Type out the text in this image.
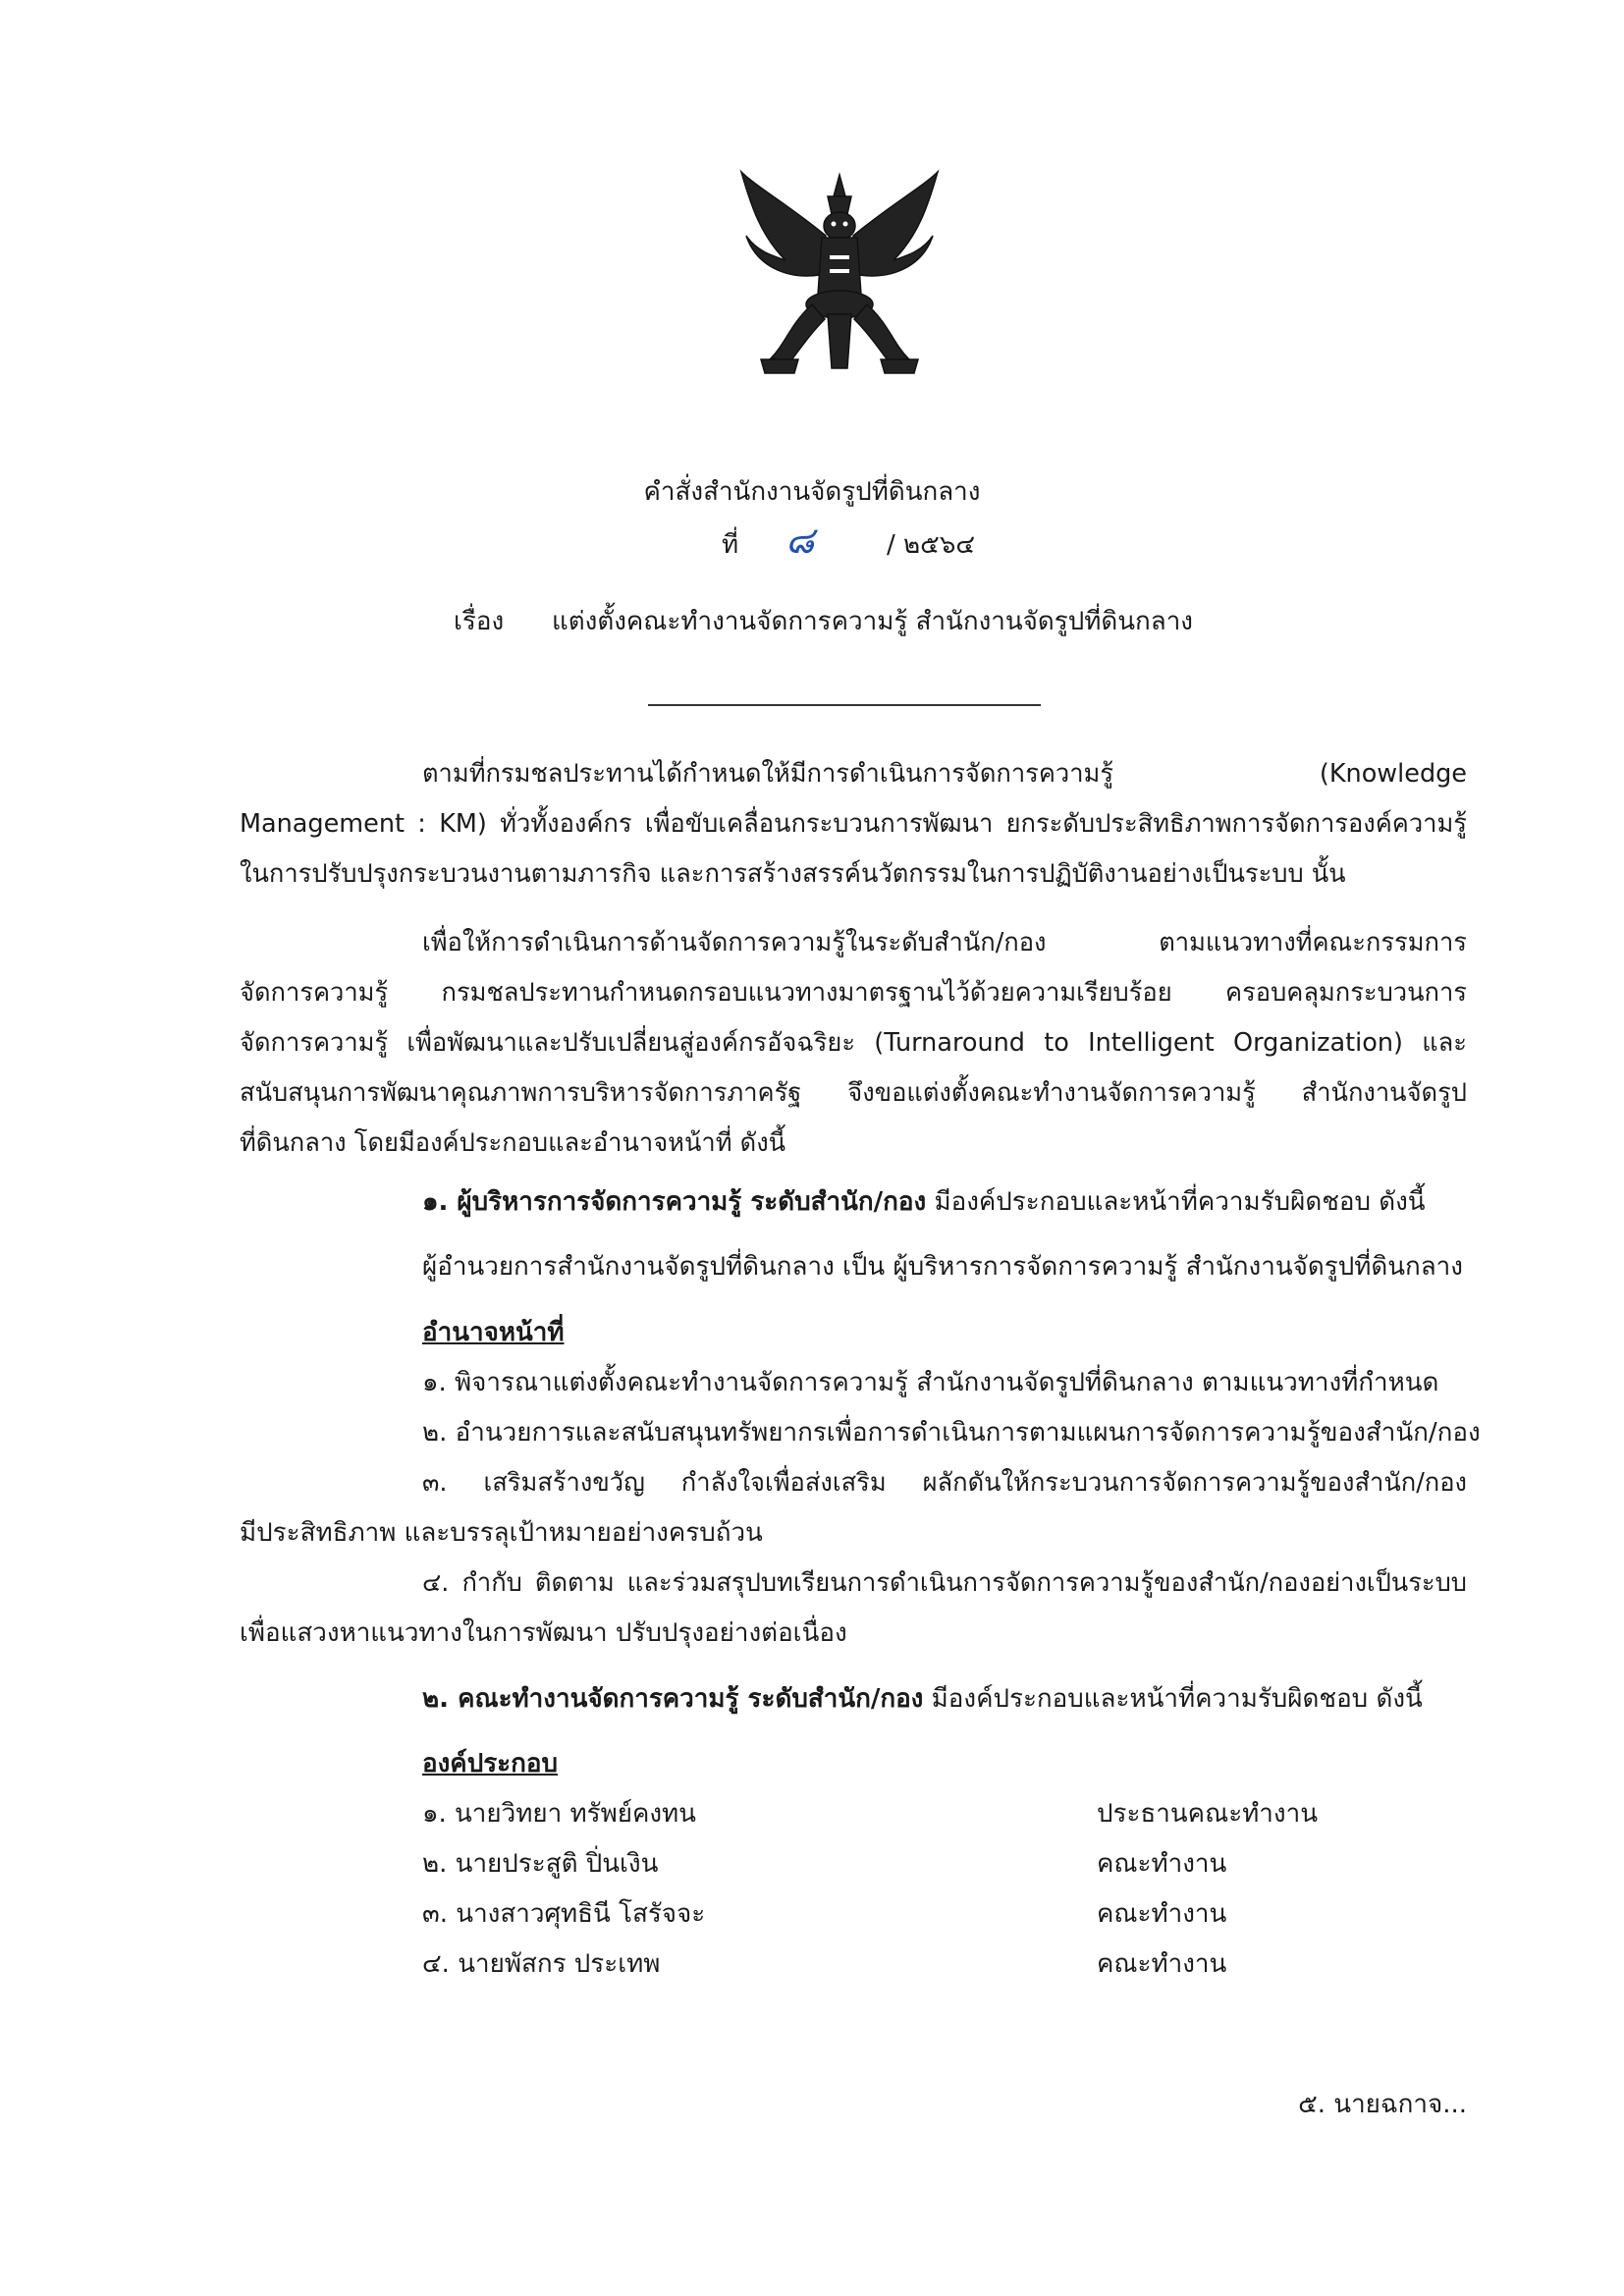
คำสั่งสำนักงานจัดรูปที่ดินกลาง
ที่ ๘	/ ๒๕๖๔
เรื่อง แต่งตั้งคณะทำงานจัดการความรู้ สำนักงานจัดรูปที่ดินกลาง
ตามที่กรมชลประทานได้กำหนดให้มีการดำเนินการจัดการความรู้ (Knowledge
Management : KM) ทั่วทั้งองค์กร เพื่อขับเคลื่อนกระบวนการพัฒนา ยกระดับประสิทธิภาพการจัดการองค์ความรู้
ในการปรับปรุงกระบวนงานตามภารกิจ และการสร้างสรรค์นวัตกรรมในการปฏิบัติงานอย่างเป็นระบบ นั้น
เพื่อให้การดำเนินการด้านจัดการความรู้ในระดับสำนัก/กอง ตามแนวทางที่คณะกรรมการ
จัดการความรู้ กรมชลประทานกำหนดกรอบแนวทางมาตรฐานไว้ด้วยความเรียบร้อย ครอบคลุมกระบวนการ
จัดการความรู้ เพื่อพัฒนาและปรับเปลี่ยนสู่องค์กรอัจฉริยะ (Turnaround to Intelligent Organization) และ
สนับสนุนการพัฒนาคุณภาพการบริหารจัดการภาครัฐ จึงขอแต่งตั้งคณะทำงานจัดการความรู้ สำนักงานจัดรูป
ที่ดินกลาง โดยมีองค์ประกอบและอำนาจหน้าที่ ดังนี้
๑. ผู้บริหารการจัดการความรู้ ระดับสำนัก/กอง มีองค์ประกอบและหน้าที่ความรับผิดชอบ ดังนี้
ผู้อำนวยการสำนักงานจัดรูปที่ดินกลาง เป็น ผู้บริหารการจัดการความรู้ สำนักงานจัดรูปที่ดินกลาง
อำนาจหน้าที่
๑. พิจารณาแต่งตั้งคณะทำงานจัดการความรู้ สำนักงานจัดรูปที่ดินกลาง ตามแนวทางที่กำหนด
๒. อำนวยการและสนับสนุนทรัพยากรเพื่อการดำเนินการตามแผนการจัดการความรู้ของสำนัก/กอง
๓. เสริมสร้างขวัญ กำลังใจเพื่อส่งเสริม ผลักดันให้กระบวนการจัดการความรู้ของสำนัก/กอง
มีประสิทธิภาพ และบรรลุเป้าหมายอย่างครบถ้วน
๔. กำกับ ติดตาม และร่วมสรุปบทเรียนการดำเนินการจัดการความรู้ของสำนัก/กองอย่างเป็นระบบ
เพื่อแสวงหาแนวทางในการพัฒนา ปรับปรุงอย่างต่อเนื่อง
๒. คณะทำงานจัดการความรู้ ระดับสำนัก/กอง มีองค์ประกอบและหน้าที่ความรับผิดชอบ ดังนี้
องค์ประกอบ
๑. นายวิทยา ทรัพย์คงทน	ประธานคณะทำงาน
๒. นายประสูติ ปิ่นเงิน	คณะทำงาน
๓. นางสาวศุทธินี โสรัจจะ	คณะทำงาน
๔. นายพัสกร ประเทพ	คณะทำงาน
๕. นายฉกาจ...
